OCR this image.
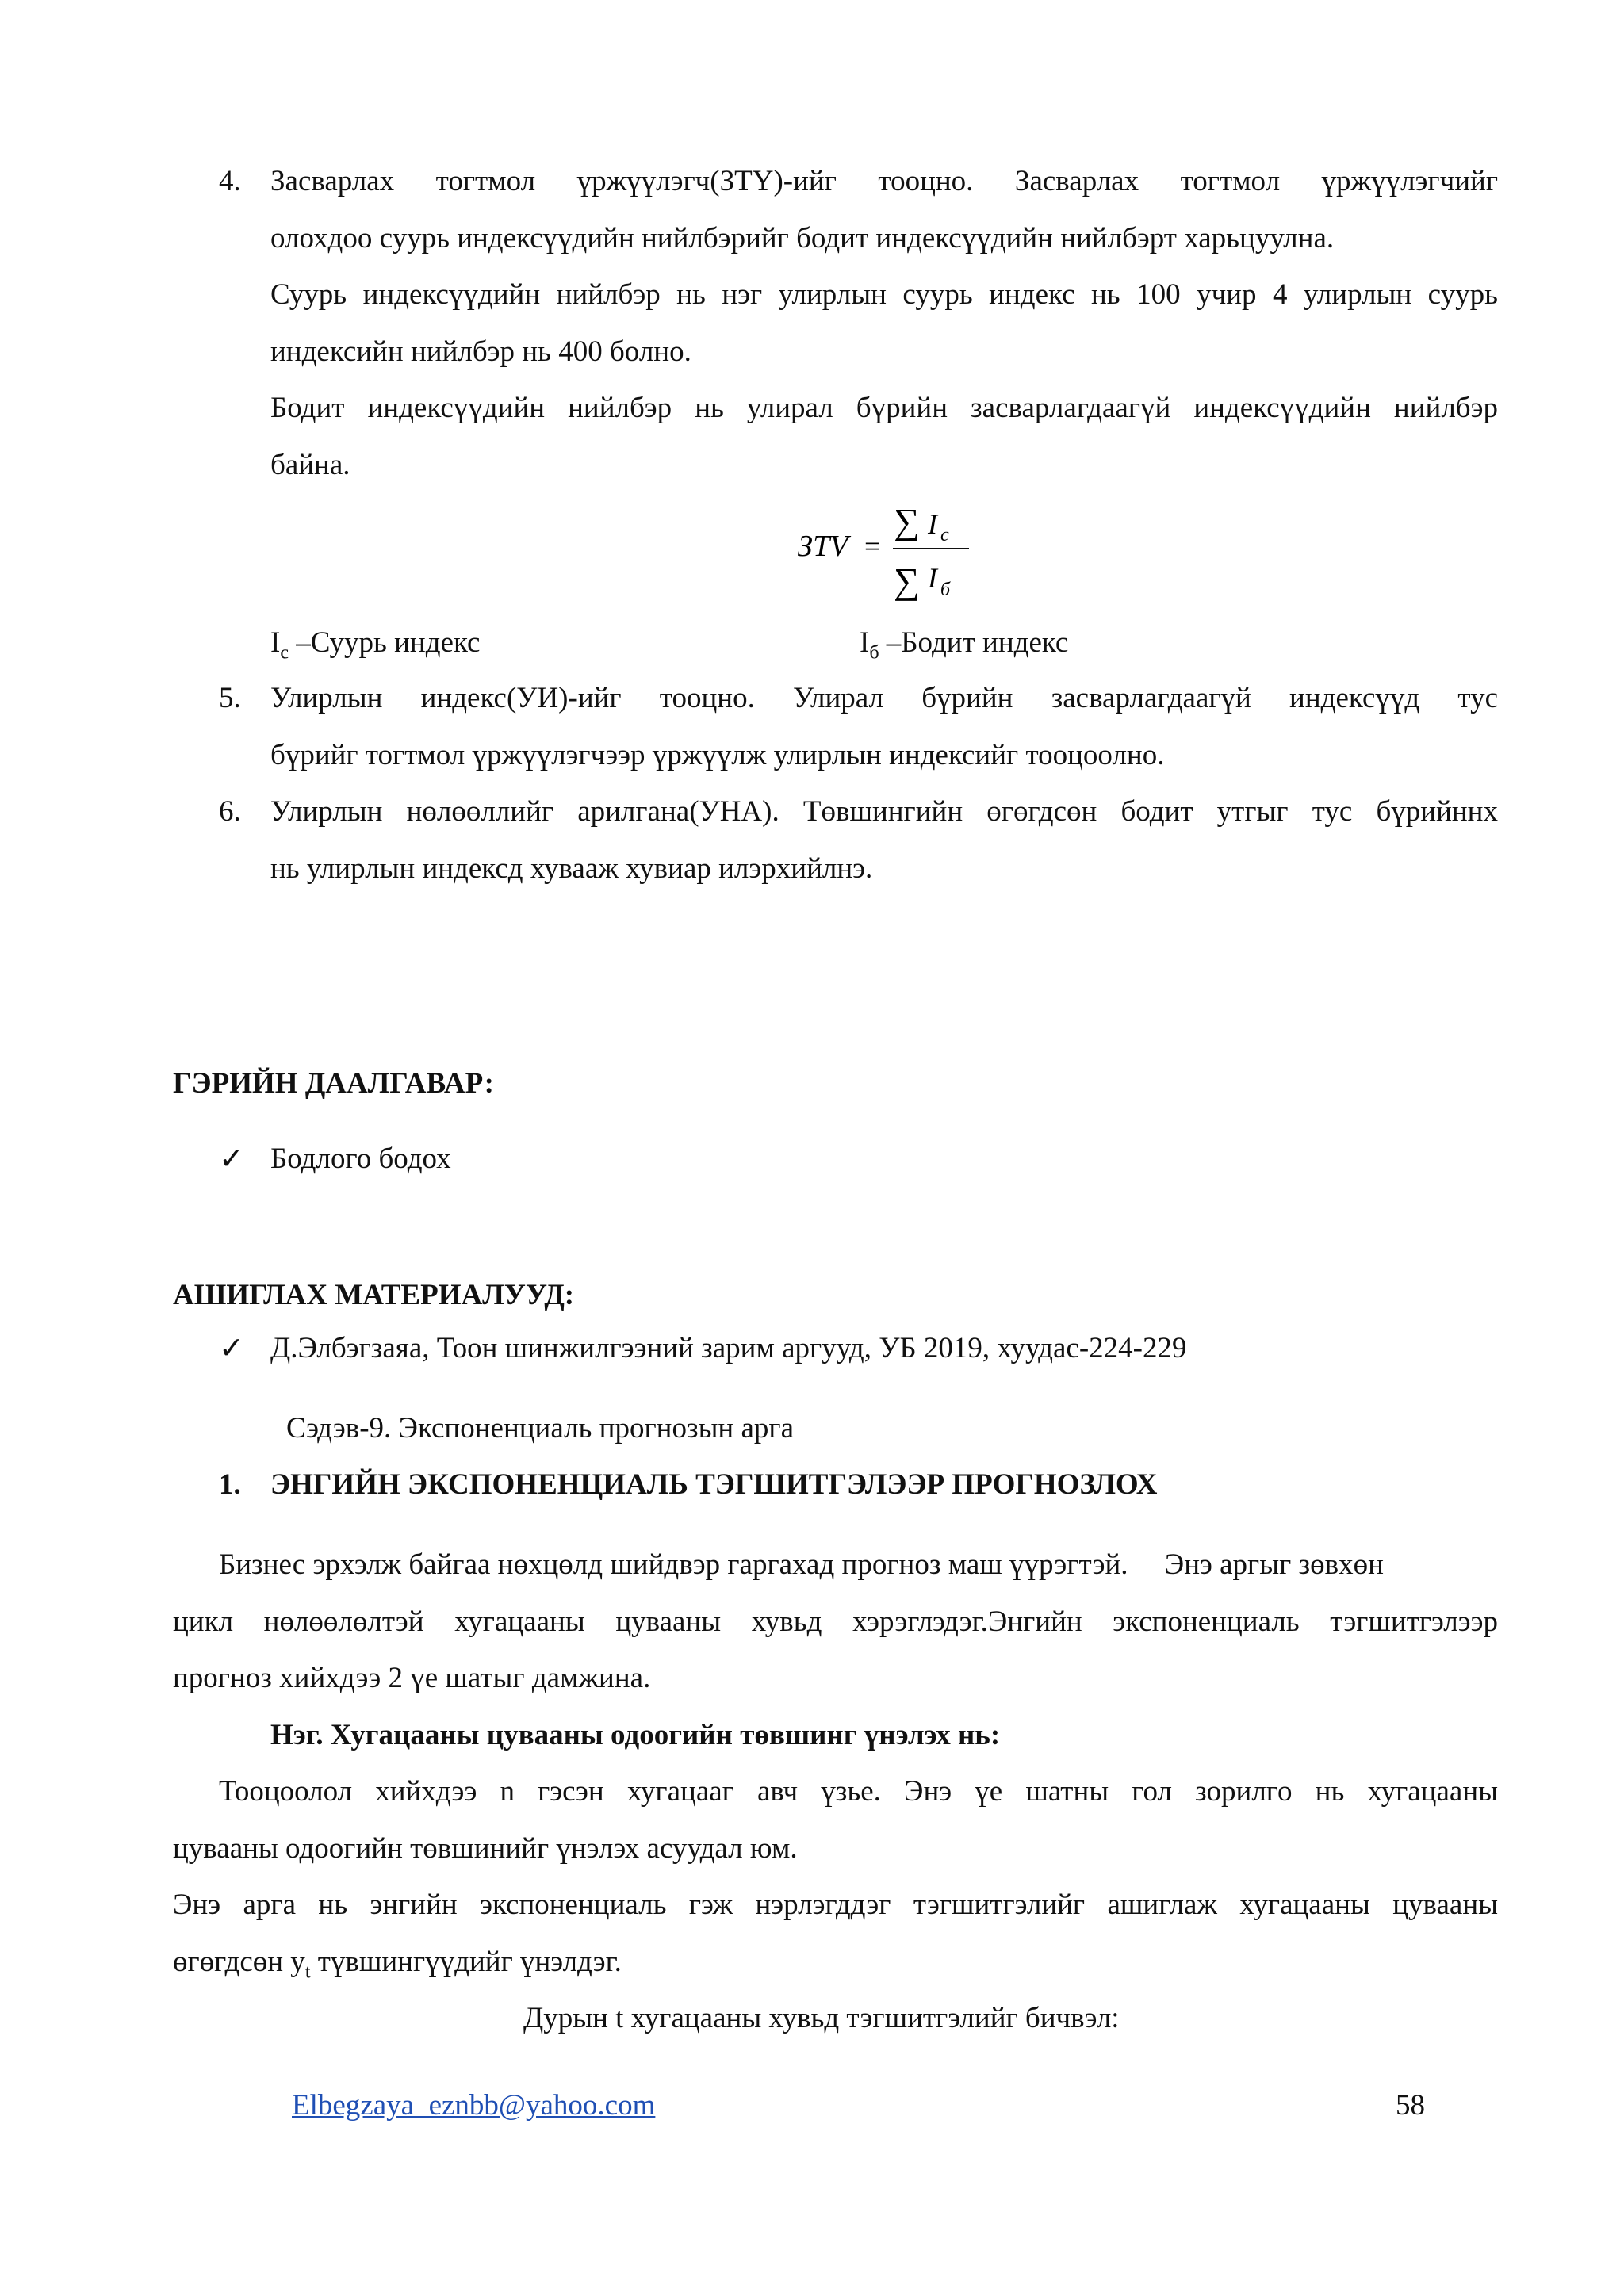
4. Засварлах тогтмол үржүүлэгч(ЗТҮ)-ийг тооцно. Засварлах тогтмол үржүүлэгчийг
олохдоо суурь индексүүдийн нийлбэрийг бодит индексүүдийн нийлбэрт харьцуулна.
Суурь индексүүдийн нийлбэр нь нэг улирлын суурь индекс нь 100 учир 4 улирлын суурь
индексийн нийлбэр нь 400 болно.
Бодит индексүүдийн нийлбэр нь улирал бүрийн засварлагдаагүй индексүүдийн нийлбэр
байна.
ЗТV =
∑ I с
∑ I б
$I_с$ –Суурь индекс	$I_б$ –Бодит индекс
5. Улирлын индекс(УИ)-ийг тооцно. Улирал бүрийн засварлагдаагүй индексүүд тус
бүрийг тогтмол үржүүлэгчээр үржүүлж улирлын индексийг тооцоолно.
6. Улирлын нөлөөллийг арилгана(УНА). Төвшингийн өгөгдсөн бодит утгыг тус бүрийннх
нь улирлын индексд хувааж хувиар илэрхийлнэ.
ГЭРИЙН ДААЛГАВАР:
✓ Бодлого бодох
АШИГЛАХ МАТЕРИАЛУУД:
✓ Д.Элбэгзаяа, Тоон шинжилгээний зарим аргууд, УБ 2019, хуудас-224-229
Сэдэв-9. Экспоненциаль прогнозын арга
1. ЭНГИЙН ЭКСПОНЕНЦИАЛЬ ТЭГШИТГЭЛЭЭР ПРОГНОЗЛОХ
Бизнес эрхэлж байгаа нөхцөлд шийдвэр гаргахад прогноз маш үүрэгтэй.     Энэ аргыг зөвхөн
цикл нөлөөлөлтэй хугацааны цувааны хувьд хэрэглэдэг.Энгийн экспоненциаль тэгшитгэлээр
прогноз хийхдээ 2 үе шатыг дамжина.
Нэг. Хугацааны цувааны одоогийн төвшинг үнэлэх нь:
Тооцоолол хийхдээ n гэсэн хугацааг авч үзье. Энэ үе шатны гол зорилго нь хугацааны
цувааны одоогийн төвшинийг үнэлэх асуудал юм.
Энэ арга нь энгийн экспоненциаль гэж нэрлэгддэг тэгшитгэлийг ашиглаж хугацааны цувааны
өгөгдсөн $y_t$ түвшингүүдийг үнэлдэг.
Дурын t хугацааны хувьд тэгшитгэлийг бичвэл:
Elbegzaya_eznbb@yahoo.com	58
